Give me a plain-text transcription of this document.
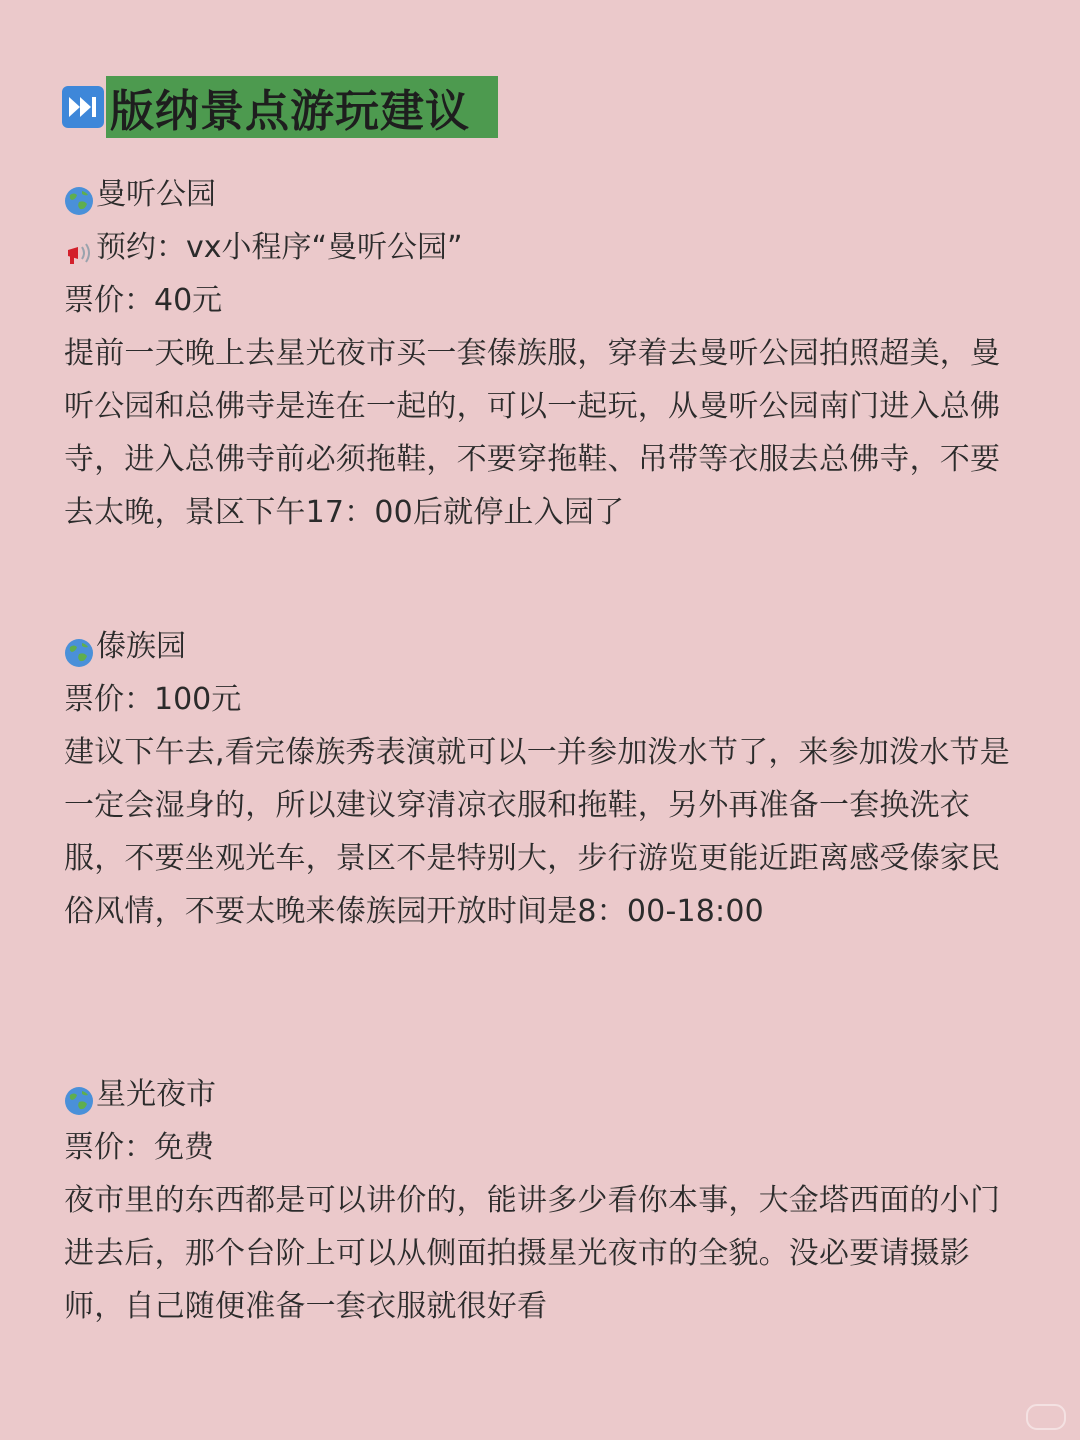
版纳景点游玩建议
曼听公园
预约：vx小程序“曼听公园”
票价：40元

提前一天晚上去星光夜市买一套傣族服，穿着去曼听公园拍照超美，曼听公园和总佛寺是连在一起的，可以一起玩，从曼听公园南门进入总佛寺，进入总佛寺前必须拖鞋，不要穿拖鞋、吊带等衣服去总佛寺，不要去太晚，景区下午17：00后就停止入园了

傣族园
票价：100元

建议下午去,看完傣族秀表演就可以一并参加泼水节了，来参加泼水节是一定会湿身的，所以建议穿清凉衣服和拖鞋，另外再准备一套换洗衣服，不要坐观光车，景区不是特别大，步行游览更能近距离感受傣家民俗风情，不要太晚来傣族园开放时间是8：00-18:00

星光夜市
票价：免费

夜市里的东西都是可以讲价的，能讲多少看你本事，大金塔西面的小门进去后，那个台阶上可以从侧面拍摄星光夜市的全貌。没必要请摄影师，自己随便准备一套衣服就很好看
